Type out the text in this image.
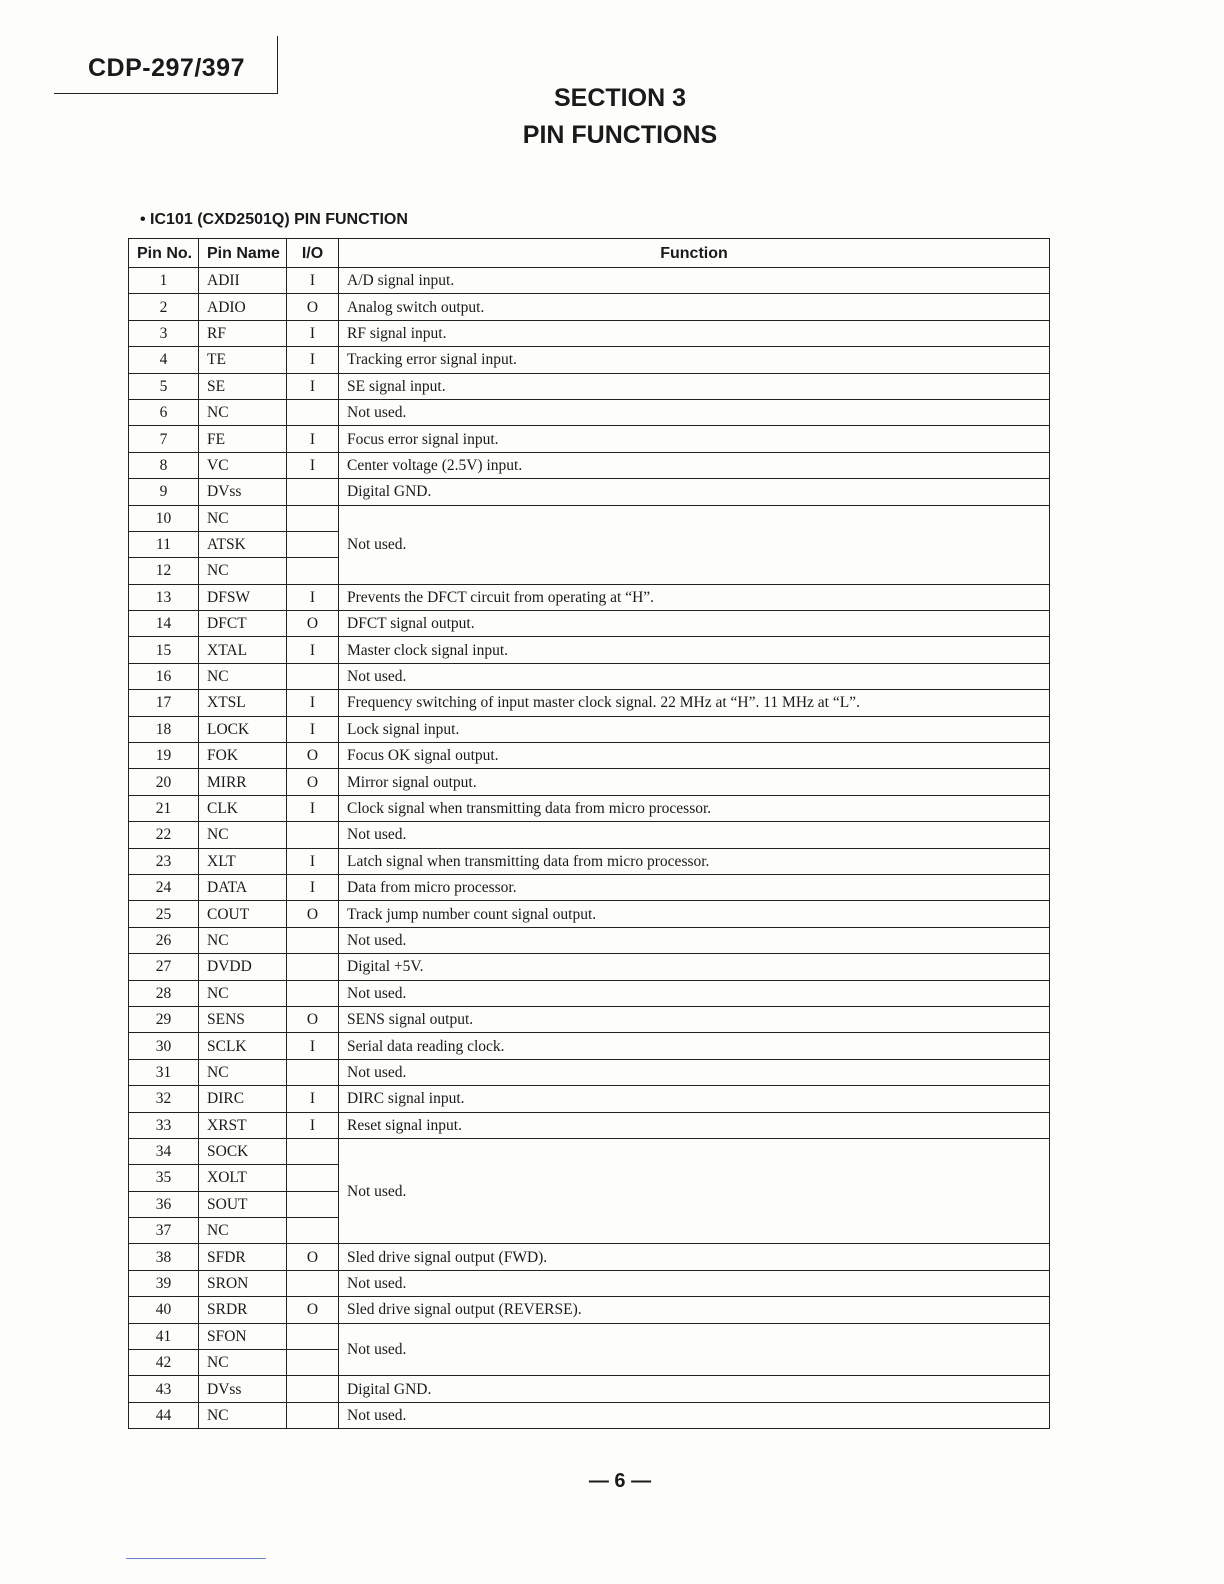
CDP-297/397
SECTION 3
PIN FUNCTIONS
• IC101 (CXD2501Q) PIN FUNCTION
Pin No.	Pin Name	I/O	Function
1	ADII	I	A/D signal input.
2	ADIO	O	Analog switch output.
3	RF	I	RF signal input.
4	TE	I	Tracking error signal input.
5	SE	I	SE signal input.
6	NC		Not used.
7	FE	I	Focus error signal input.
8	VC	I	Center voltage (2.5V) input.
9	DVss		Digital GND.
10	NC		Not used.
11	ATSK		
12	NC		
13	DFSW	I	Prevents the DFCT circuit from operating at “H”.
14	DFCT	O	DFCT signal output.
15	XTAL	I	Master clock signal input.
16	NC		Not used.
17	XTSL	I	Frequency switching of input master clock signal. 22 MHz at “H”. 11 MHz at “L”.
18	LOCK	I	Lock signal input.
19	FOK	O	Focus OK signal output.
20	MIRR	O	Mirror signal output.
21	CLK	I	Clock signal when transmitting data from micro processor.
22	NC		Not used.
23	XLT	I	Latch signal when transmitting data from micro processor.
24	DATA	I	Data from micro processor.
25	COUT	O	Track jump number count signal output.
26	NC		Not used.
27	DVDD		Digital +5V.
28	NC		Not used.
29	SENS	O	SENS signal output.
30	SCLK	I	Serial data reading clock.
31	NC		Not used.
32	DIRC	I	DIRC signal input.
33	XRST	I	Reset signal input.
34	SOCK		Not used.
35	XOLT		
36	SOUT		
37	NC		
38	SFDR	O	Sled drive signal output (FWD).
39	SRON		Not used.
40	SRDR	O	Sled drive signal output (REVERSE).
41	SFON		Not used.
42	NC		
43	DVss		Digital GND.
44	NC		Not used.
— 6 —
